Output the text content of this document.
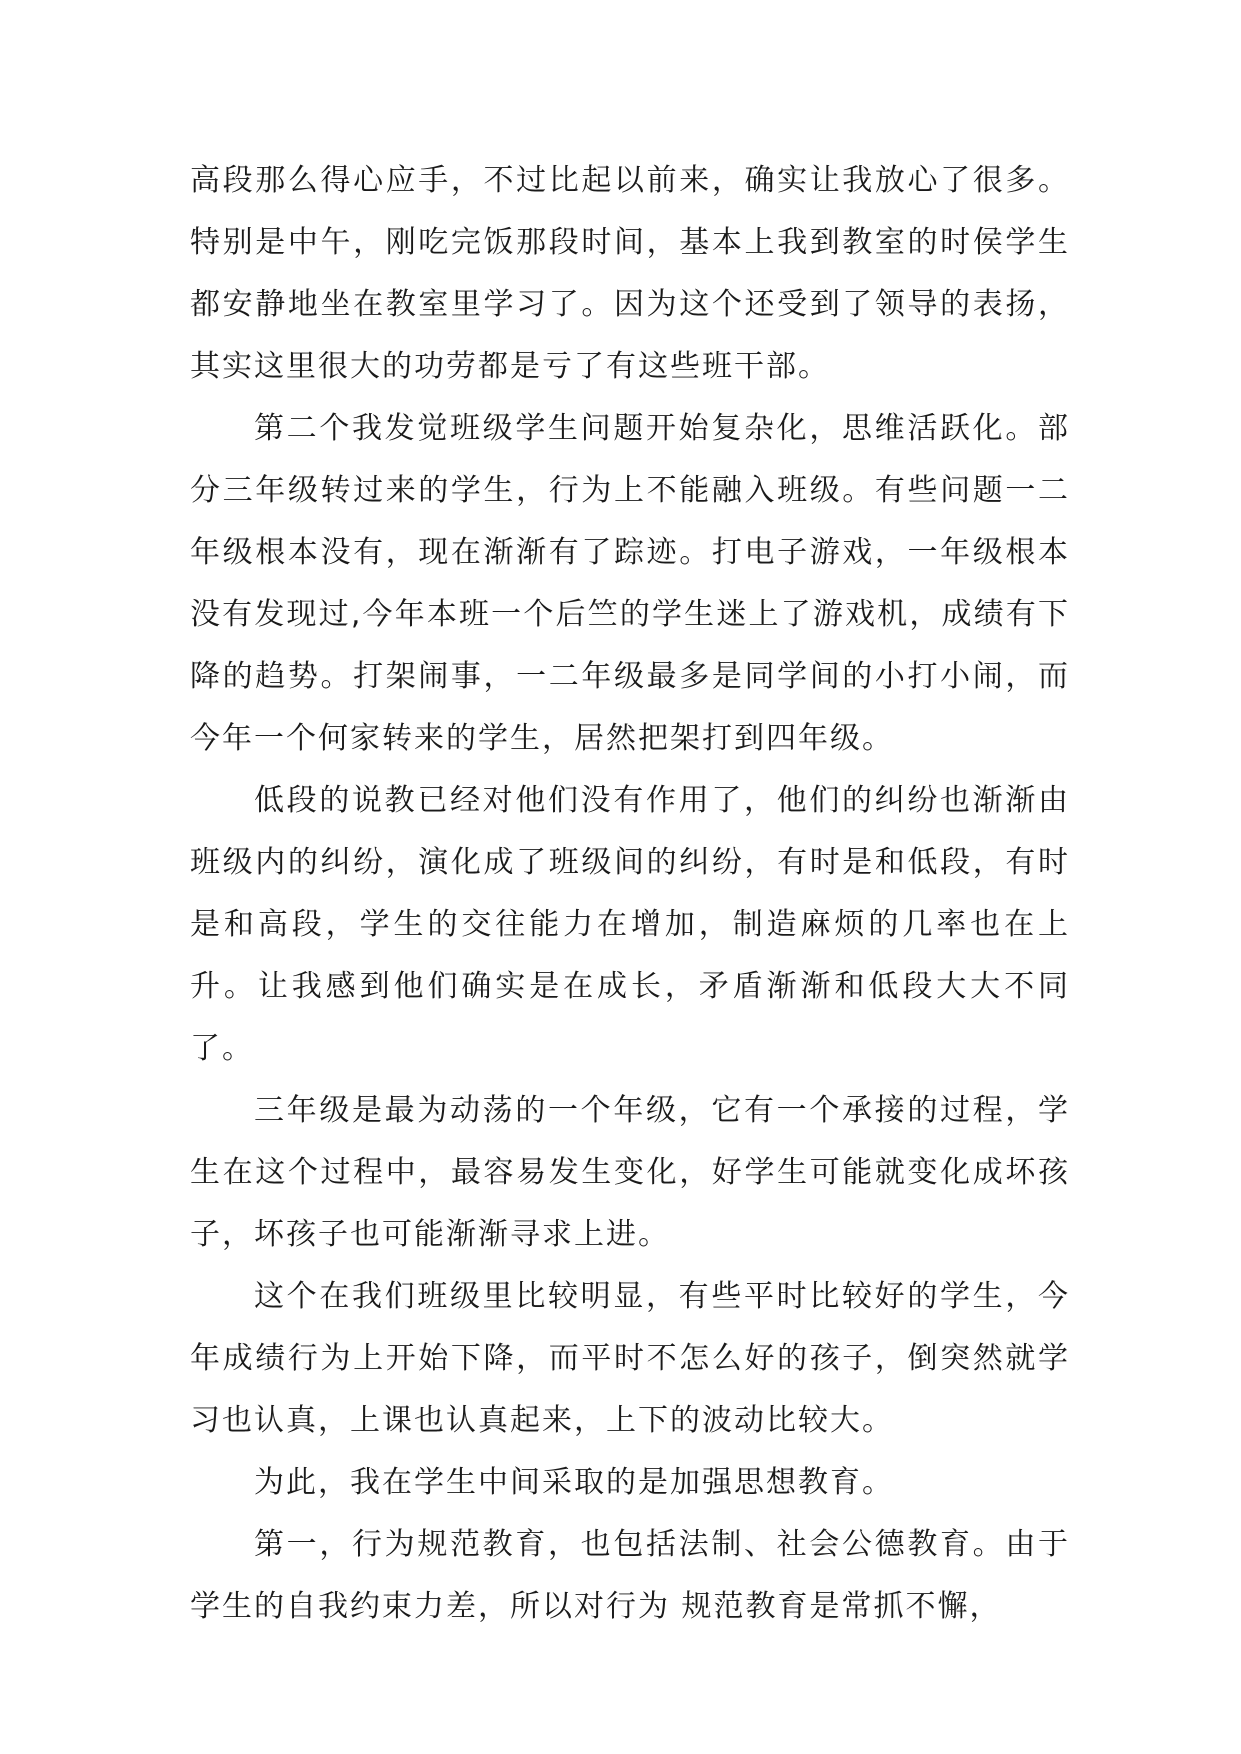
高段那么得心应手，不过比起以前来，确实让我放心了很多。特别是中午，刚吃完饭那段时间，基本上我到教室的时侯学生都安静地坐在教室里学习了。因为这个还受到了领导的表扬，其实这里很大的功劳都是亏了有这些班干部。

第二个我发觉班级学生问题开始复杂化，思维活跃化。部分三年级转过来的学生，行为上不能融入班级。有些问题一二年级根本没有，现在渐渐有了踪迹。打电子游戏，一年级根本没有发现过,今年本班一个后竺的学生迷上了游戏机，成绩有下降的趋势。打架闹事，一二年级最多是同学间的小打小闹，而今年一个何家转来的学生，居然把架打到四年级。

低段的说教已经对他们没有作用了，他们的纠纷也渐渐由班级内的纠纷，演化成了班级间的纠纷，有时是和低段，有时是和高段，学生的交往能力在增加，制造麻烦的几率也在上升。让我感到他们确实是在成长，矛盾渐渐和低段大大不同了。

三年级是最为动荡的一个年级，它有一个承接的过程，学生在这个过程中，最容易发生变化，好学生可能就变化成坏孩子，坏孩子也可能渐渐寻求上进。

这个在我们班级里比较明显，有些平时比较好的学生，今年成绩行为上开始下降，而平时不怎么好的孩子，倒突然就学习也认真，上课也认真起来，上下的波动比较大。

为此，我在学生中间采取的是加强思想教育。

第一，行为规范教育，也包括法制、社会公德教育。由于学生的自我约束力差，所以对行为 规范教育是常抓不懈，
